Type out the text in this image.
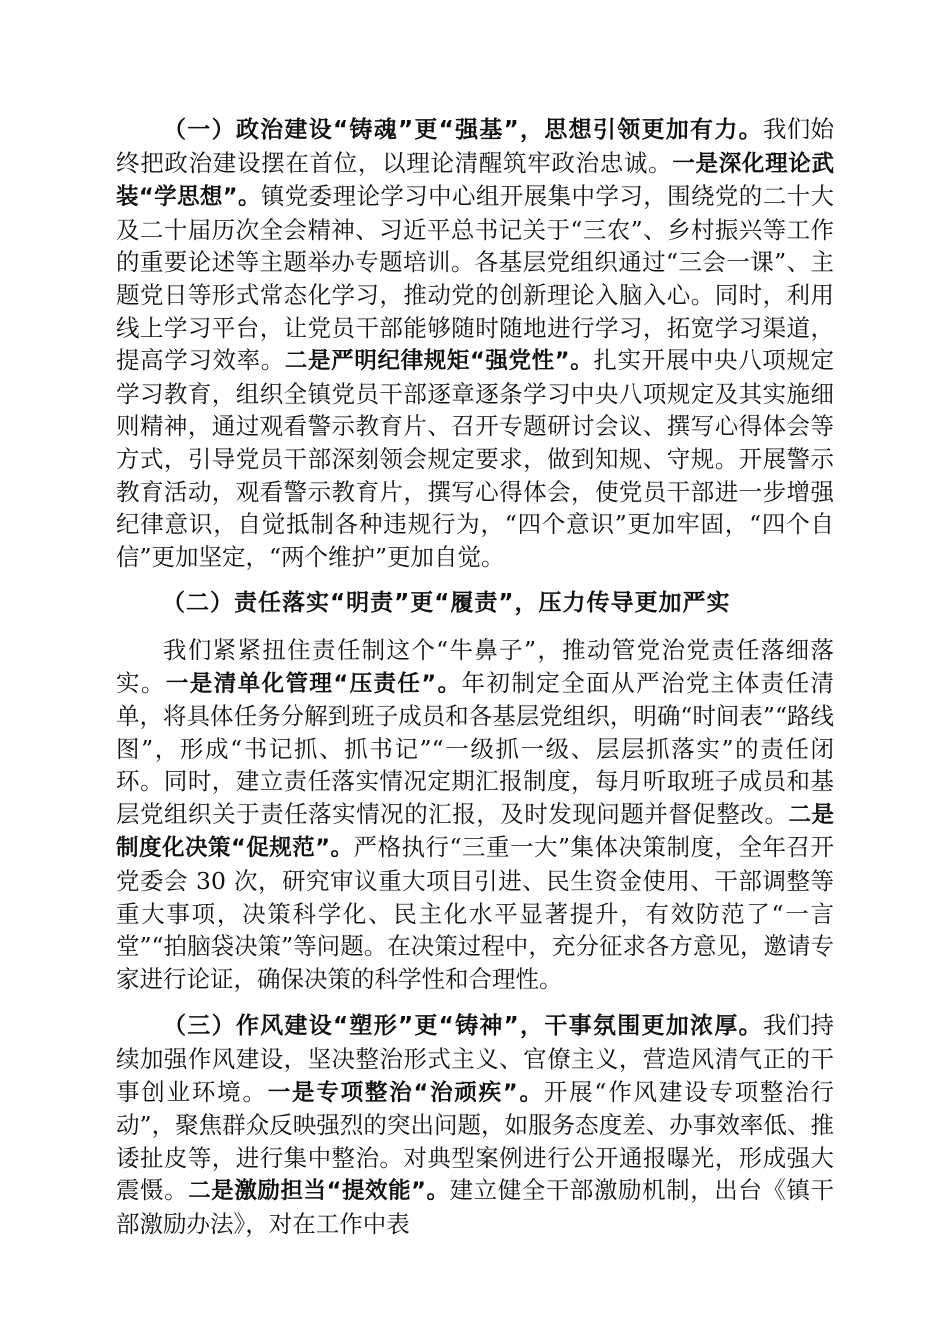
（一）政治建设“铸魂”更“强基”，思想引领更加有力。我们始终把政治建设摆在首位，以理论清醒筑牢政治忠诚。一是深化理论武装“学思想”。镇党委理论学习中心组开展集中学习，围绕党的二十大及二十届历次全会精神、习近平总书记关于“三农”、乡村振兴等工作的重要论述等主题举办专题培训。各基层党组织通过“三会一课”、主题党日等形式常态化学习，推动党的创新理论入脑入心。同时，利用线上学习平台，让党员干部能够随时随地进行学习，拓宽学习渠道，提高学习效率。二是严明纪律规矩“强党性”。扎实开展中央八项规定学习教育，组织全镇党员干部逐章逐条学习中央八项规定及其实施细则精神，通过观看警示教育片、召开专题研讨会议、撰写心得体会等方式，引导党员干部深刻领会规定要求，做到知规、守规。开展警示教育活动，观看警示教育片，撰写心得体会，使党员干部进一步增强纪律意识，自觉抵制各种违规行为，“四个意识”更加牢固，“四个自信”更加坚定，“两个维护”更加自觉。

（二）责任落实“明责”更“履责”，压力传导更加严实

我们紧紧扭住责任制这个“牛鼻子”，推动管党治党责任落细落实。一是清单化管理“压责任”。年初制定全面从严治党主体责任清单，将具体任务分解到班子成员和各基层党组织，明确“时间表”“路线图”，形成“书记抓、抓书记”“一级抓一级、层层抓落实”的责任闭环。同时，建立责任落实情况定期汇报制度，每月听取班子成员和基层党组织关于责任落实情况的汇报，及时发现问题并督促整改。二是制度化决策“促规范”。严格执行“三重一大”集体决策制度，全年召开党委会 30 次，研究审议重大项目引进、民生资金使用、干部调整等重大事项，决策科学化、民主化水平显著提升，有效防范了“一言堂”“拍脑袋决策”等问题。在决策过程中，充分征求各方意见，邀请专家进行论证，确保决策的科学性和合理性。

（三）作风建设“塑形”更“铸神”，干事氛围更加浓厚。我们持续加强作风建设，坚决整治形式主义、官僚主义，营造风清气正的干事创业环境。一是专项整治“治顽疾”。开展“作风建设专项整治行动”，聚焦群众反映强烈的突出问题，如服务态度差、办事效率低、推诿扯皮等，进行集中整治。对典型案例进行公开通报曝光，形成强大震慑。二是激励担当“提效能”。建立健全干部激励机制，出台《镇干部激励办法》，对在工作中表
